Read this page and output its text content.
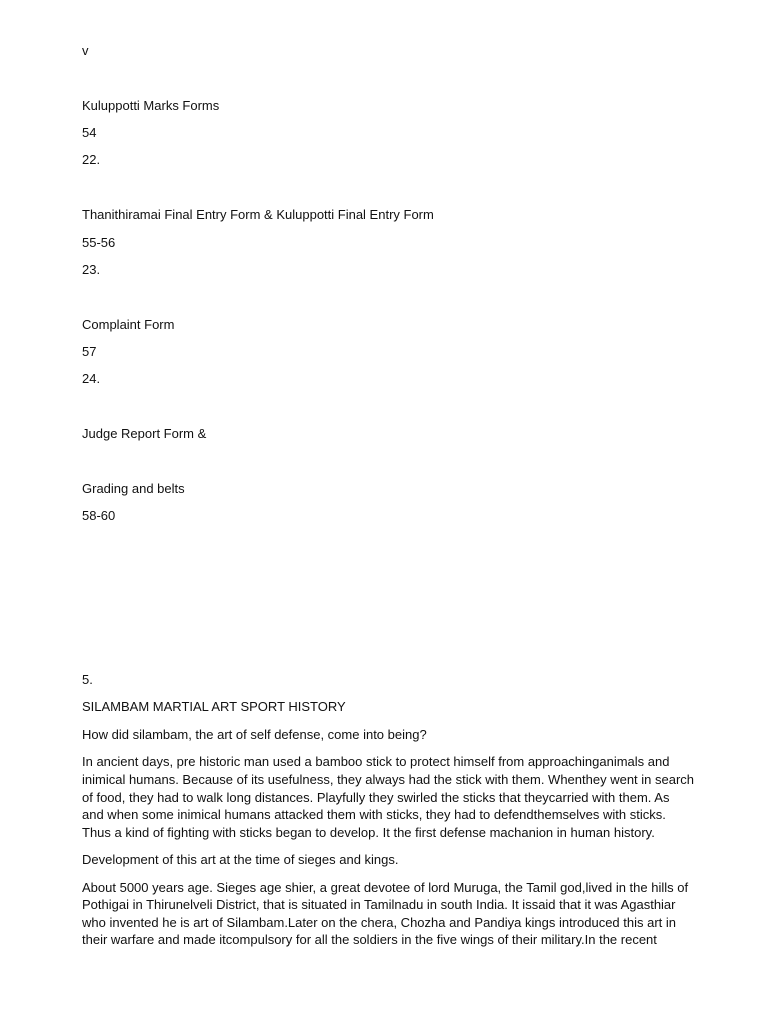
v
Kuluppotti Marks Forms
54
22.
Thanithiramai Final Entry Form & Kuluppotti Final Entry Form
55-56
23.
Complaint Form
57
24.
Judge Report Form &
Grading and belts
58-60
5.
SILAMBAM MARTIAL ART SPORT HISTORY
How did silambam, the art of self defense, come into being?
In ancient days, pre historic man used a bamboo stick to protect himself from approachinganimals and
inimical humans. Because of its usefulness, they always had the stick with them. Whenthey went in search
of food, they had to walk long distances. Playfully they swirled the sticks that theycarried with them. As
and when some inimical humans attacked them with sticks, they had to defendthemselves with sticks.
Thus a kind of fighting with sticks began to develop. It the first defense machanion in human history.
Development of this art at the time of sieges and kings.
About 5000 years age. Sieges age shier, a great devotee of lord Muruga, the Tamil god,lived in the hills of
Pothigai in Thirunelveli District, that is situated in Tamilnadu in south India. It issaid that it was Agasthiar
who invented he is art of Silambam.Later on the chera, Chozha and Pandiya kings introduced this art in
their warfare and made itcompulsory for all the soldiers in the five wings of their military.In the recent
